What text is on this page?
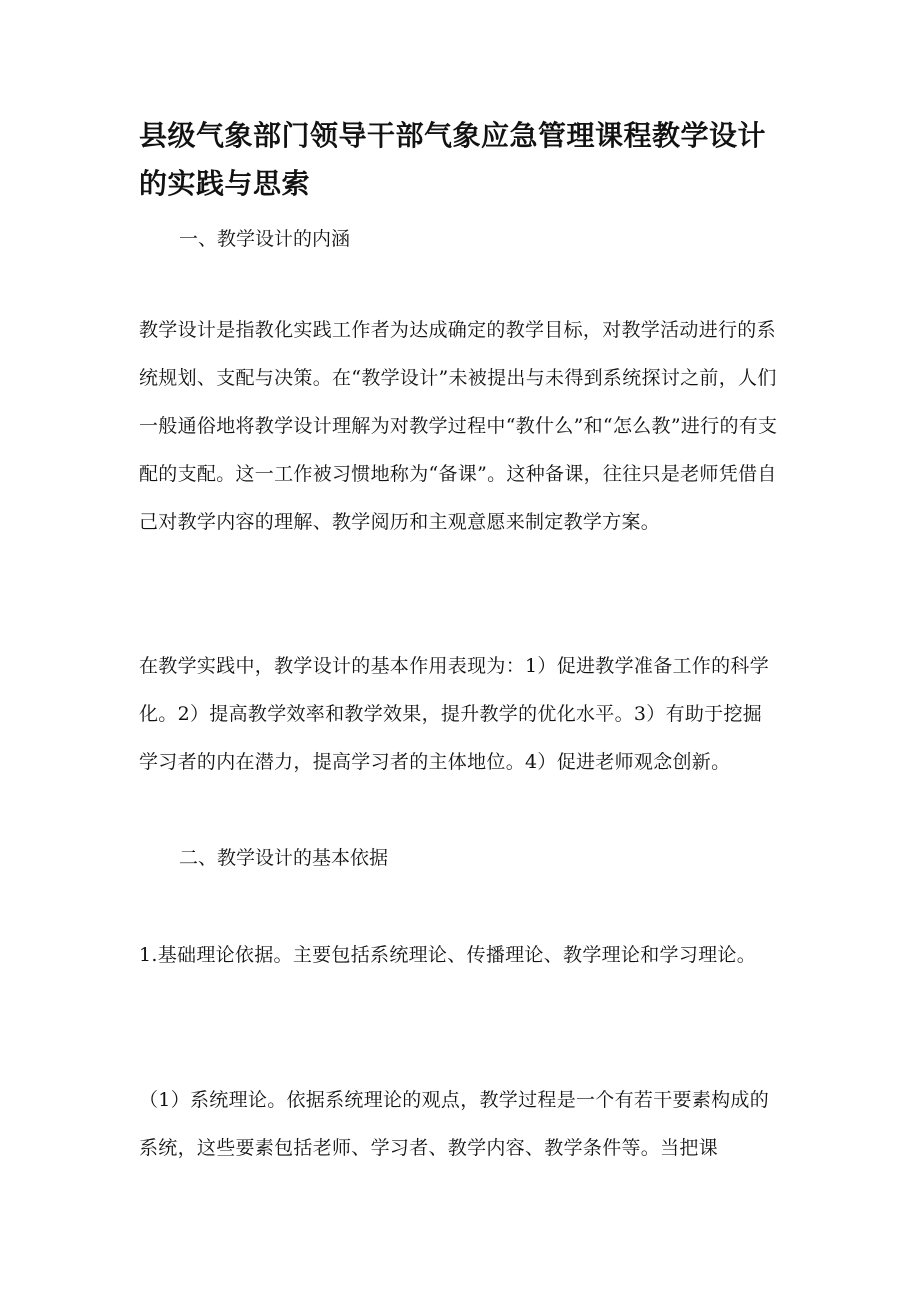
县级气象部门领导干部气象应急管理课程教学设计的实践与思索

一、教学设计的内涵

教学设计是指教化实践工作者为达成确定的教学目标，对教学活动进行的系统规划、支配与决策。在“教学设计”未被提出与未得到系统探讨之前，人们一般通俗地将教学设计理解为对教学过程中“教什么”和“怎么教”进行的有支配的支配。这一工作被习惯地称为“备课”。这种备课，往往只是老师凭借自己对教学内容的理解、教学阅历和主观意愿来制定教学方案。

在教学实践中，教学设计的基本作用表现为：1）促进教学准备工作的科学化。2）提高教学效率和教学效果，提升教学的优化水平。3）有助于挖掘学习者的内在潜力，提高学习者的主体地位。4）促进老师观念创新。

二、教学设计的基本依据

1.基础理论依据。主要包括系统理论、传播理论、教学理论和学习理论。

（1）系统理论。依据系统理论的观点，教学过程是一个有若干要素构成的系统，这些要素包括老师、学习者、教学内容、教学条件等。当把课
